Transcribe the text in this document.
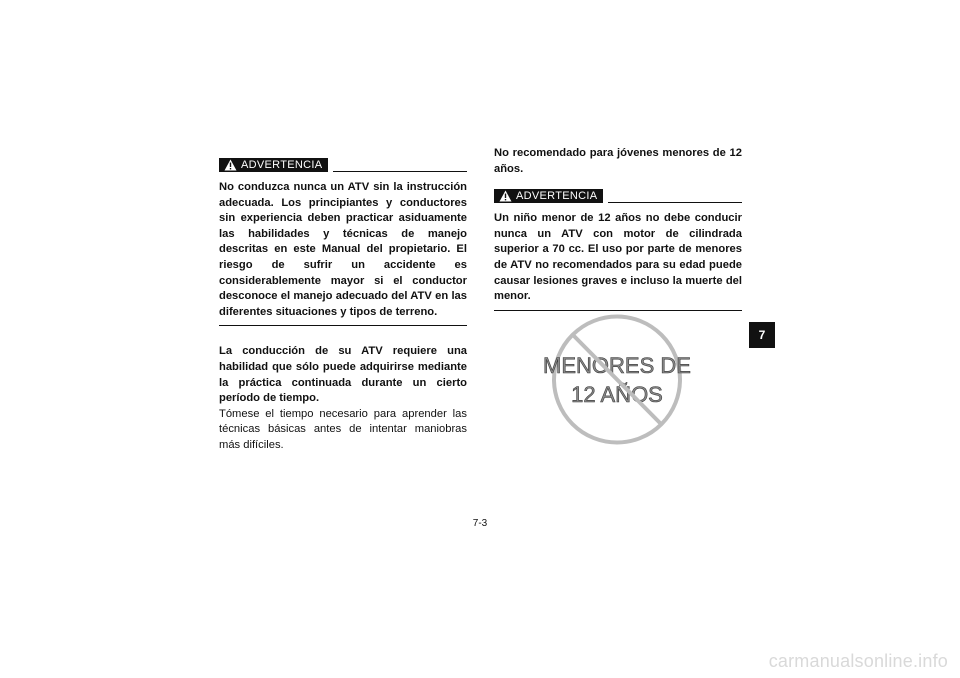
ADVERTENCIA

No conduzca nunca un ATV sin la instrucción adecuada. Los principiantes y conductores sin experiencia deben practicar asiduamente las habilidades y técnicas de manejo descritas en este Manual del propietario. El riesgo de sufrir un accidente es considerablemente mayor si el conductor desconoce el manejo adecuado del ATV en las diferentes situaciones y tipos de terreno.

La conducción de su ATV requiere una habilidad que sólo puede adquirirse mediante la práctica continuada durante un cierto período de tiempo.

Tómese el tiempo necesario para aprender las técnicas básicas antes de intentar maniobras más difíciles.

No recomendado para jóvenes menores de 12 años.

ADVERTENCIA

Un niño menor de 12 años no debe conducir nunca un ATV con motor de cilindrada superior a 70 cc. El uso por parte de menores de ATV no recomendados para su edad puede causar lesiones graves e incluso la muerte del menor.

MENORES DE
12 AÑOS
7
7-3
carmanualsonline.info
